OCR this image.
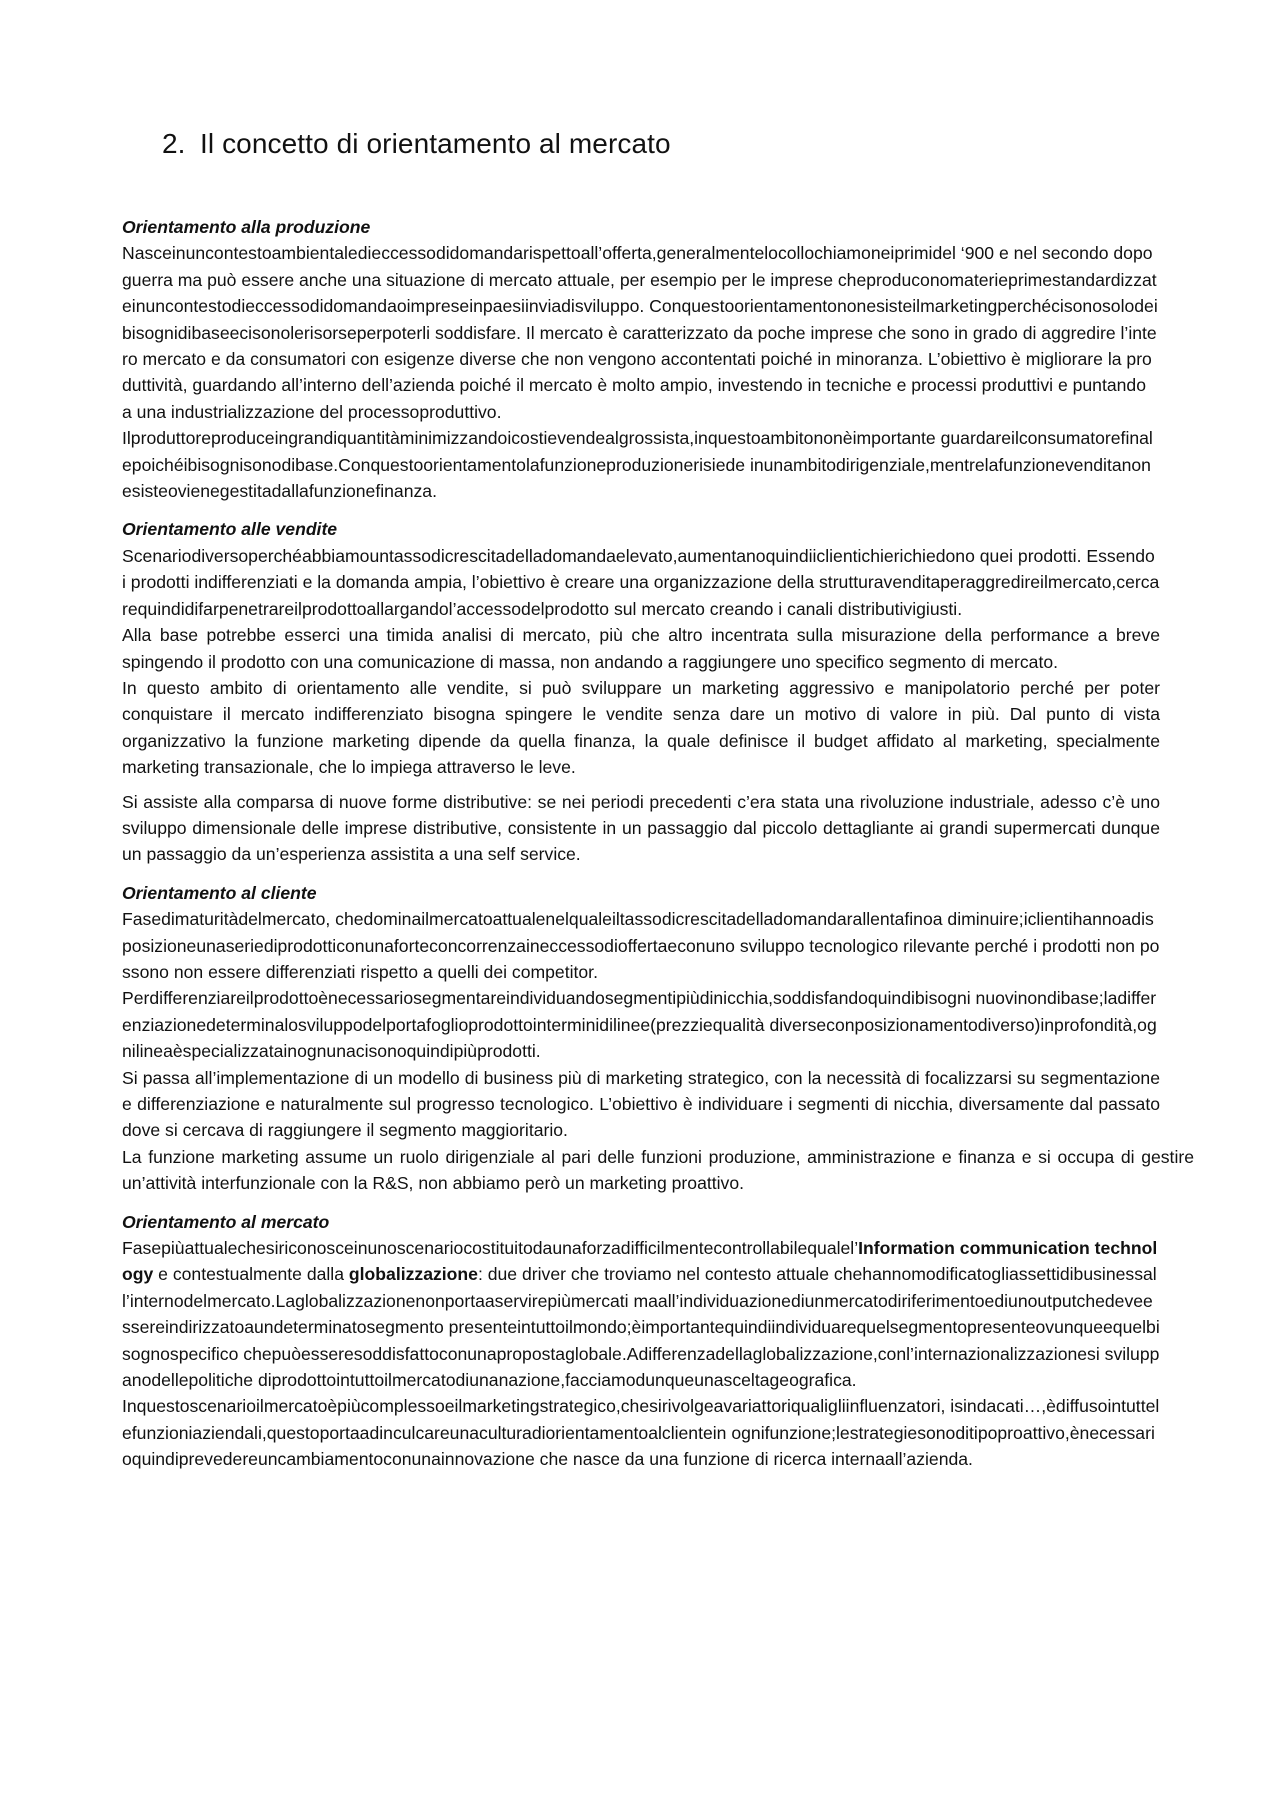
2. Il concetto di orientamento al mercato

Orientamento alla produzione

Nasceinuncontestoambientaledieccessodidomandarispettoall’offerta,generalmentelocollochiamoneiprimidel ‘900 e nel secondo dopoguerra ma può essere anche una situazione di mercato attuale, per esempio per le imprese cheproduconomaterieprimestandardizzateinuncontestodieccessodidomandaoimpreseinpaesiinviadisviluppo. Conquestoorientamentononesisteilmarketingperchécisonosolodeibisognidibaseecisonolerisorseperpoterli soddisfare. Il mercato è caratterizzato da poche imprese che sono in grado di aggredire l’intero mercato e da consumatori con esigenze diverse che non vengono accontentati poiché in minoranza. L’obiettivo è migliorare la produttività, guardando all’interno dell’azienda poiché il mercato è molto ampio, investendo in tecniche e processi produttivi e puntando a una industrializzazione del processoproduttivo.

Ilproduttoreproduceingrandiquantitàminimizzandoicostievendealgrossista,inquestoambitononèimportante guardareilconsumatorefinalepoichéibisognisonodibase.Conquestoorientamentolafunzioneproduzionerisiede inunambitodirigenziale,mentrelafunzionevenditanonesisteovienegestitadallafunzionefinanza.

Orientamento alle vendite

Scenariodiversoperchéabbiamountassodicrescitadelladomandaelevato,aumentanoquindiiclientichierichiedono quei prodotti. Essendo i prodotti indifferenziati e la domanda ampia, l’obiettivo è creare una organizzazione della strutturavenditaperaggredireilmercato,cercarequindidifarpenetrareilprodottoallargandol’accessodelprodotto sul mercato creando i canali distributivigiusti.

Alla base potrebbe esserci una timida analisi di mercato, più che altro incentrata sulla misurazione della performance a breve spingendo il prodotto con una comunicazione di massa, non andando a raggiungere uno specifico segmento di mercato.

In questo ambito di orientamento alle vendite, si può sviluppare un marketing aggressivo e manipolatorio perché per poter conquistare il mercato indifferenziato bisogna spingere le vendite senza dare un motivo di valore in più. Dal punto di vista organizzativo la funzione marketing dipende da quella finanza, la quale definisce il budget affidato al marketing, specialmente marketing transazionale, che lo impiega attraverso le leve.

Si assiste alla comparsa di nuove forme distributive: se nei periodi precedenti c’era stata una rivoluzione industriale, adesso c’è uno sviluppo dimensionale delle imprese distributive, consistente in un passaggio dal piccolo dettagliante ai grandi supermercati dunque un passaggio da un’esperienza assistita a una self service.

Orientamento al cliente

Fasedimaturitàdelmercato, chedominailmercatoattualenelqualeiltassodicrescitadelladomandarallentafinoa diminuire;iclientihannoadisposizioneunaseriediprodotticonunaforteconcorrenzaineccessodioffertaeconuno sviluppo tecnologico rilevante perché i prodotti non possono non essere differenziati rispetto a quelli dei competitor.

Perdifferenziareilprodottoènecessariosegmentareindividuandosegmentipiùdinicchia,soddisfandoquindibisogni nuovinondibase;ladifferenziazionedeterminalosviluppodelportafoglioprodottointerminidilinee(prezziequalità diverseconposizionamentodiverso)inprofondità,ognilineaèspecializzatainognunacisonoquindipiùprodotti.

Si passa all’implementazione di un modello di business più di marketing strategico, con la necessità di focalizzarsi su segmentazione e differenziazione e naturalmente sul progresso tecnologico. L’obiettivo è individuare i segmenti di nicchia, diversamente dal passato dove si cercava di raggiungere il segmento maggioritario.

La funzione marketing assume un ruolo dirigenziale al pari delle funzioni produzione, amministrazione e finanza e si occupa di gestire un’attività interfunzionale con la R&S, non abbiamo però un marketing proattivo.

Orientamento al mercato

Fasepiùattualechesiriconosceinunoscenariocostituitodaunaforzadifficilmentecontrollabilequalel’Information communication technology e contestualmente dalla globalizzazione: due driver che troviamo nel contesto attuale chehannomodificatogliassettidibusinessall’internodelmercato.Laglobalizzazionenonportaaservirepiùmercati maall’individuazionediunmercatodiriferimentoediunoutputchedeveessereindirizzatoaundeterminatosegmento presenteintuttoilmondo;èimportantequindiindividuarequelsegmentopresenteovunqueequelbisognospecifico chepuòesseresoddisfattoconunapropostaglobale.Adifferenzadellaglobalizzazione,conl’internazionalizzazionesi sviluppanodellepolitiche diprodottointuttoilmercatodiunanazione,facciamodunqueunasceltageografica.

Inquestoscenarioilmercatoèpiùcomplessoeilmarketingstrategico,chesirivolgeavariattoriqualigliinfluenzatori, isindacati…,èdiffusointuttelefunzioniaziendali,questoportaadinculcareunaculturadiorientamentoalclientein ognifunzione;lestrategiesonoditipoproattivo,ènecessarioquindiprevedereuncambiamentoconunainnovazione che nasce da una funzione di ricerca internaall’azienda.
